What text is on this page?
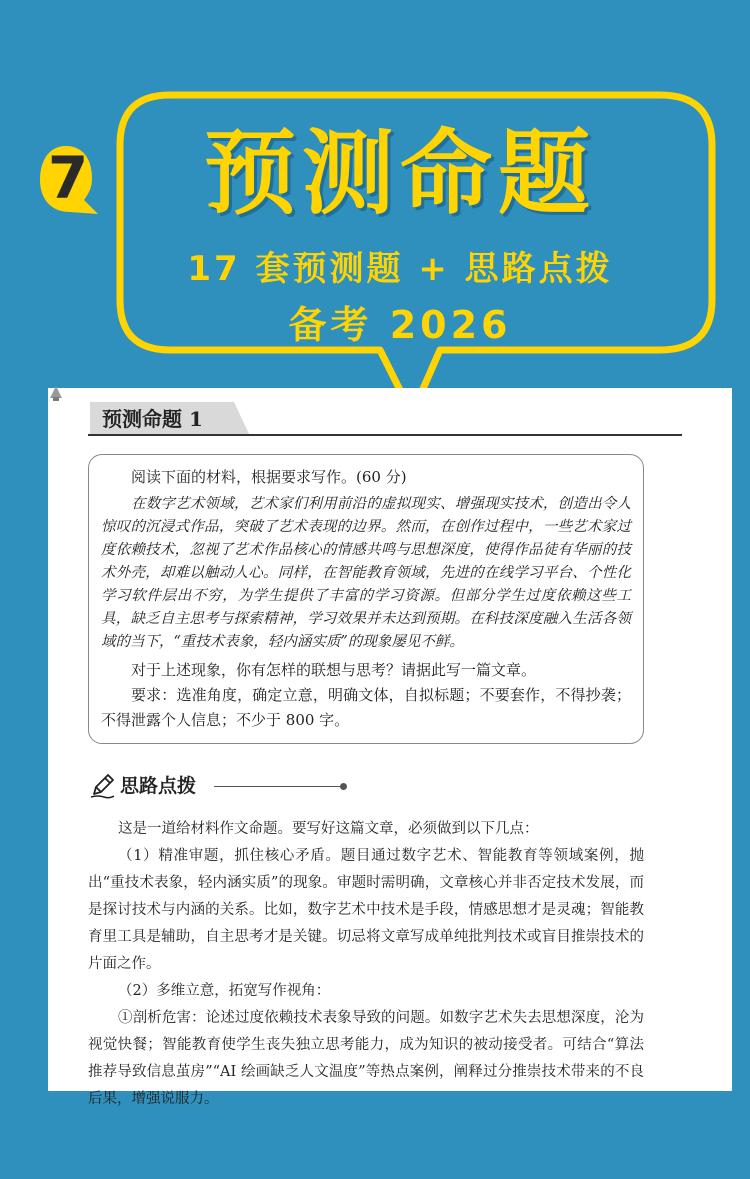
7	预测命题
17 套预测题 + 思路点拨
备考 2026
预测命题 1

阅读下面的材料，根据要求写作。(60 分)

在数字艺术领域，艺术家们利用前沿的虚拟现实、增强现实技术，创造出令人惊叹的沉浸式作品，突破了艺术表现的边界。然而，在创作过程中，一些艺术家过度依赖技术，忽视了艺术作品核心的情感共鸣与思想深度，使得作品徒有华丽的技术外壳，却难以触动人心。同样，在智能教育领域，先进的在线学习平台、个性化学习软件层出不穷，为学生提供了丰富的学习资源。但部分学生过度依赖这些工具，缺乏自主思考与探索精神，学习效果并未达到预期。在科技深度融入生活各领域的当下，“重技术表象，轻内涵实质”的现象屡见不鲜。

对于上述现象，你有怎样的联想与思考？请据此写一篇文章。

要求：选准角度，确定立意，明确文体，自拟标题；不要套作，不得抄袭；不得泄露个人信息；不少于 800 字。

思路点拨

这是一道给材料作文命题。要写好这篇文章，必须做到以下几点：

（1）精准审题，抓住核心矛盾。题目通过数字艺术、智能教育等领域案例，抛出“重技术表象，轻内涵实质”的现象。审题时需明确，文章核心并非否定技术发展，而是探讨技术与内涵的关系。比如，数字艺术中技术是手段，情感思想才是灵魂；智能教育里工具是辅助，自主思考才是关键。切忌将文章写成单纯批判技术或盲目推崇技术的片面之作。

（2）多维立意，拓宽写作视角：

①剖析危害：论述过度依赖技术表象导致的问题。如数字艺术失去思想深度，沦为视觉快餐；智能教育使学生丧失独立思考能力，成为知识的被动接受者。可结合“算法推荐导致信息茧房”“AI 绘画缺乏人文温度”等热点案例，阐释过分推崇技术带来的不良后果，增强说服力。
